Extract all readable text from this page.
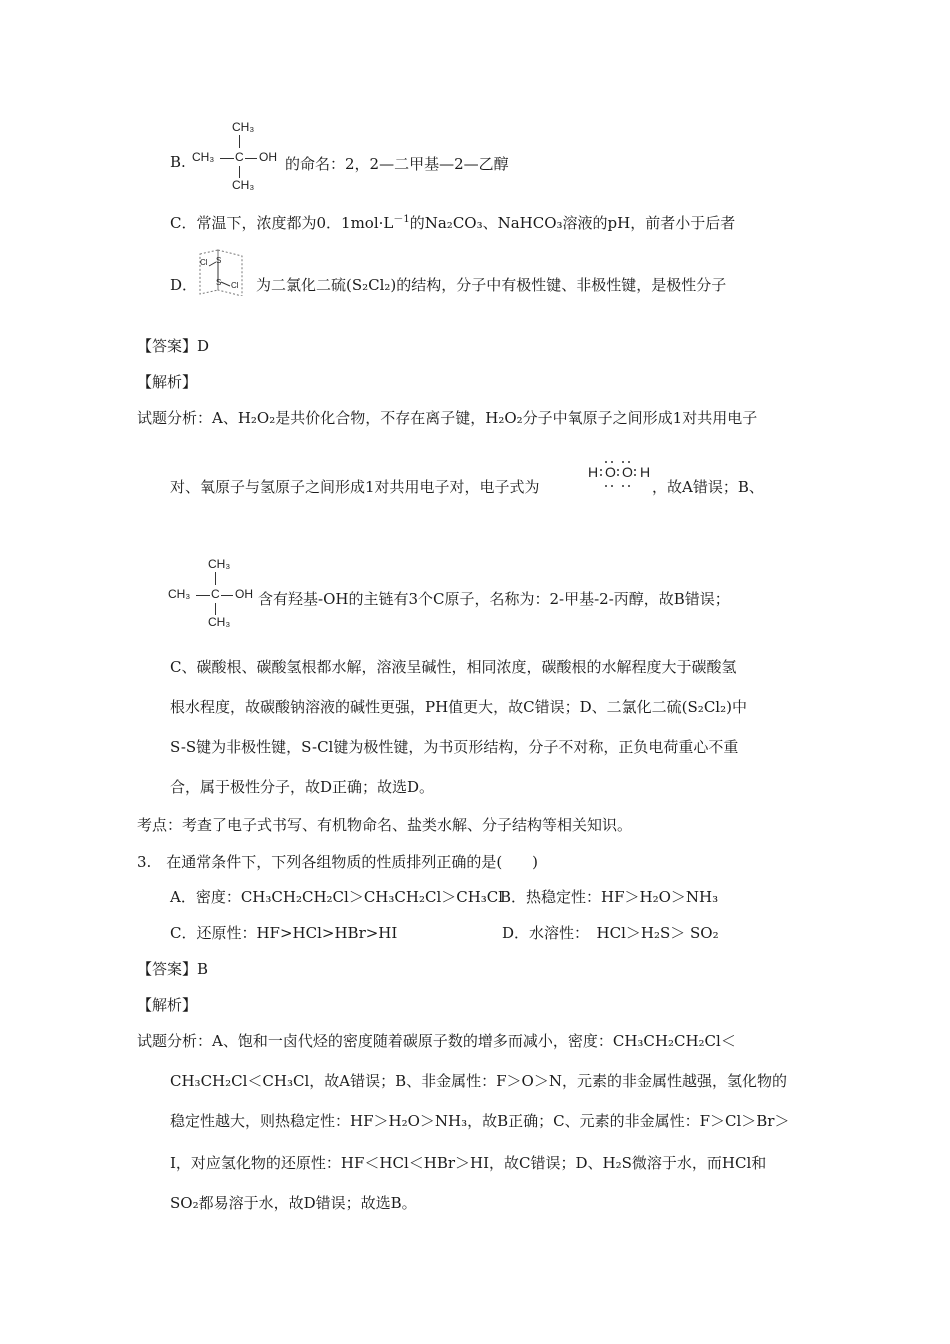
B.
CH₃
CH₃ C OH
CH₃
的命名：2，2—二甲基—2—乙醇
C．常温下，浓度都为0．$1mol\cdot L^{-1}$的Na₂CO₃、NaHCO₃溶液的pH，前者小于后者
D．
Cl S
S Cl 为二氯化二硫(S₂Cl₂)的结构，分子中有极性键、非极性键，是极性分子
【答案】D
【解析】
试题分析：A、H₂O₂是共价化合物，不存在离子键，H₂O₂分子中氧原子之间形成1对共用电子
对、氧原子与氢原子之间形成1对共用电子对，电子式为
H O O H
，故A错误；B、
CH₃
CH₃ C OH
CH₃
含有羟基-OH的主链有3个C原子，名称为：2-甲基-2-丙醇，故B错误；
C、碳酸根、碳酸氢根都水解，溶液呈碱性，相同浓度，碳酸根的水解程度大于碳酸氢
根水程度，故碳酸钠溶液的碱性更强，PH值更大，故C错误；D、二氯化二硫(S₂Cl₂)中
S-S键为非极性键，S-Cl键为极性键，为书页形结构，分子不对称，正负电荷重心不重
合，属于极性分子，故D正确；故选D。
考点：考查了电子式书写、有机物命名、盐类水解、分子结构等相关知识。
3.　在通常条件下，下列各组物质的性质排列正确的是(　　)
A．密度：CH₃CH₂CH₂Cl＞CH₃CH₂Cl＞CH₃Cl
B．热稳定性：HF＞H₂O＞NH₃
C．还原性：HF>HCl>HBr>HI	D．水溶性：　HCl＞H₂S＞ SO₂
【答案】B
【解析】
试题分析：A、饱和一卤代烃的密度随着碳原子数的增多而减小，密度：CH₃CH₂CH₂Cl＜
CH₃CH₂Cl＜CH₃Cl，故A错误；B、非金属性：F＞O＞N，元素的非金属性越强，氢化物的
稳定性越大，则热稳定性：HF＞H₂O＞NH₃，故B正确；C、元素的非金属性：F＞Cl＞Br＞
I，对应氢化物的还原性：HF＜HCl＜HBr＞HI，故C错误；D、H₂S微溶于水，而HCl和
SO₂都易溶于水，故D错误；故选B。
